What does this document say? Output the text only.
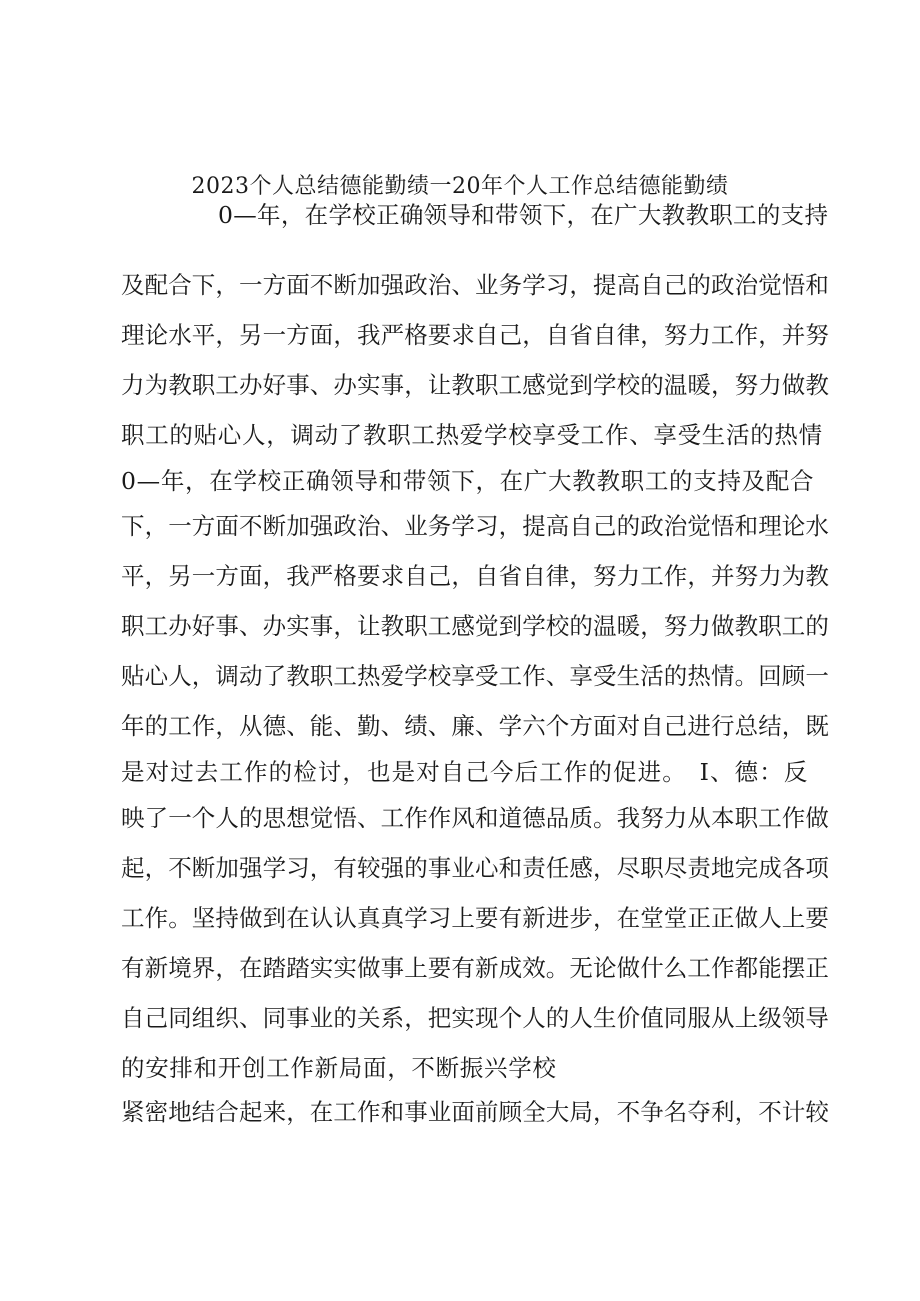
2023个人总结德能勤绩一20年个人工作总结德能勤绩
0—年，在学校正确领导和带领下，在广大教教职工的支持
及配合下，一方面不断加强政治、业务学习，提高自己的政治觉悟和
理论水平，另一方面，我严格要求自己，自省自律，努力工作，并努
力为教职工办好事、办实事，让教职工感觉到学校的温暖，努力做教
职工的贴心人，调动了教职工热爱学校享受工作、享受生活的热情
0—年，在学校正确领导和带领下，在广大教教职工的支持及配合
下，一方面不断加强政治、业务学习，提高自己的政治觉悟和理论水
平，另一方面，我严格要求自己，自省自律，努力工作，并努力为教
职工办好事、办实事，让教职工感觉到学校的温暖，努力做教职工的
贴心人，调动了教职工热爱学校享受工作、享受生活的热情。回顾一
年的工作，从德、能、勤、绩、廉、学六个方面对自己进行总结，既
是对过去工作的检讨，也是对自己今后工作的促进。　Ⅰ、德：反
映了一个人的思想觉悟、工作作风和道德品质。我努力从本职工作做
起，不断加强学习，有较强的事业心和责任感，尽职尽责地完成各项
工作。坚持做到在认认真真学习上要有新进步，在堂堂正正做人上要
有新境界，在踏踏实实做事上要有新成效。无论做什么工作都能摆正
自己同组织、同事业的关系，把实现个人的人生价值同服从上级领导
的安排和开创工作新局面，不断振兴学校
紧密地结合起来，在工作和事业面前顾全大局，不争名夺利，不计较
